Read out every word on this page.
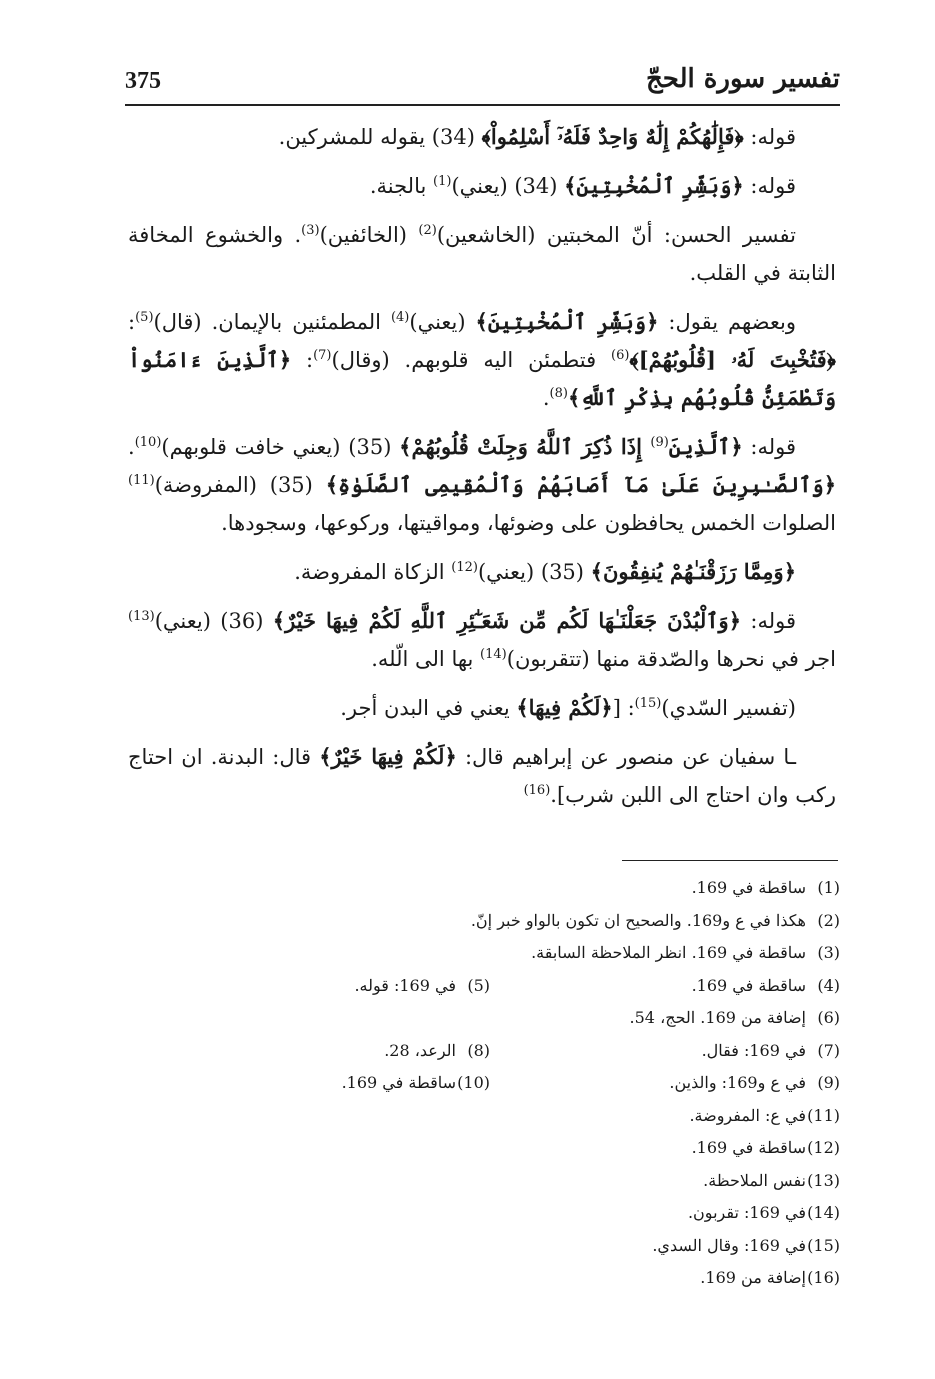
375	تفسير سورة الحجّ

قوله: ﴿فَإِلَٰهُكُمْ إِلَٰهٌ وَاحِدٌ فَلَهُۥٓ أَسْلِمُواْ﴾ (34) يقوله للمشركين.

قوله: ﴿وَبَشِّرِ ٱلْمُخْبِتِينَ﴾ (34) (يعني)$^{(1)}$ بالجنة.

تفسير الحسن: أنّ المخبتين (الخاشعين)$^{(2)}$ (الخائفين)$^{(3)}$. والخشوع المخافة الثابتة في القلب.

وبعضهم يقول: ﴿وَبَشِّرِ ٱلْمُخْبِتِينَ﴾ (يعني)$^{(4)}$ المطمئنين بالإيمان. (قال)$^{(5)}$: ﴿فَتُخْبِتَ لَهُۥ [قُلُوبُهُمْ]﴾$^{(6)}$ فتطمئن اليه قلوبهم. (وقال)$^{(7)}$: ﴿ٱلَّذِينَ ءَامَنُواْ وَتَطْمَئِنُّ قُلُوبُهُم بِذِكْرِ ٱللَّهِ﴾$^{(8)}$.

قوله: ﴿ٱلَّذِينَ$^{(9)}$ إِذَا ذُكِرَ ٱللَّهُ وَجِلَتْ قُلُوبُهُمْ﴾ (35) (يعني خافت قلوبهم)$^{(10)}$. ﴿وَٱلصَّـٰبِرِينَ عَلَىٰ مَآ أَصَابَهُمْ وَٱلْمُقِيمِى ٱلصَّلَوٰةِ﴾ (35) (المفروضة)$^{(11)}$ الصلوات الخمس يحافظون على وضوئها، ومواقيتها، وركوعها، وسجودها.

﴿وَمِمَّا رَزَقْنَـٰهُمْ يُنفِقُونَ﴾ (35) (يعني)$^{(12)}$ الزكاة المفروضة.

قوله: ﴿وَٱلْبُدْنَ جَعَلْنَـٰهَا لَكُم مِّن شَعَـٰٓئِرِ ٱللَّهِ لَكُمْ فِيهَا خَيْرٌ﴾ (36) (يعني)$^{(13)}$ اجر في نحرها والصّدقة منها (تتقربون)$^{(14)}$ بها الى الّله.

(تفسير السّدي)$^{(15)}$: [﴿لَكُمْ فِيهَا﴾ يعني في البدن أجر.

ـا سفيان عن منصور عن إبراهيم قال: ﴿لَكُمْ فِيهَا خَيْرٌ﴾ قال: البدنة. ان احتاج ركب وان احتاج الى اللبن شرب].$^{(16)}$

(1)ساقطة في 169.
(2)هكذا في ع و169. والصحيح ان تكون بالواو خبر إنّ.
(3)ساقطة في 169. انظر الملاحظة السابقة.
(4)ساقطة في 169.
(5)في 169: قوله.
(6)إضافة من 169. الحج، 54.
(7)في 169: فقال.
(8)الرعد، 28.
(9)في ع و169: والذين.
(10)ساقطة في 169.
(11)في ع: المفروضة.
(12)ساقطة في 169.
(13)نفس الملاحظة.
(14)في 169: تقربون.
(15)في 169: وقال السدي.
(16)إضافة من 169.
